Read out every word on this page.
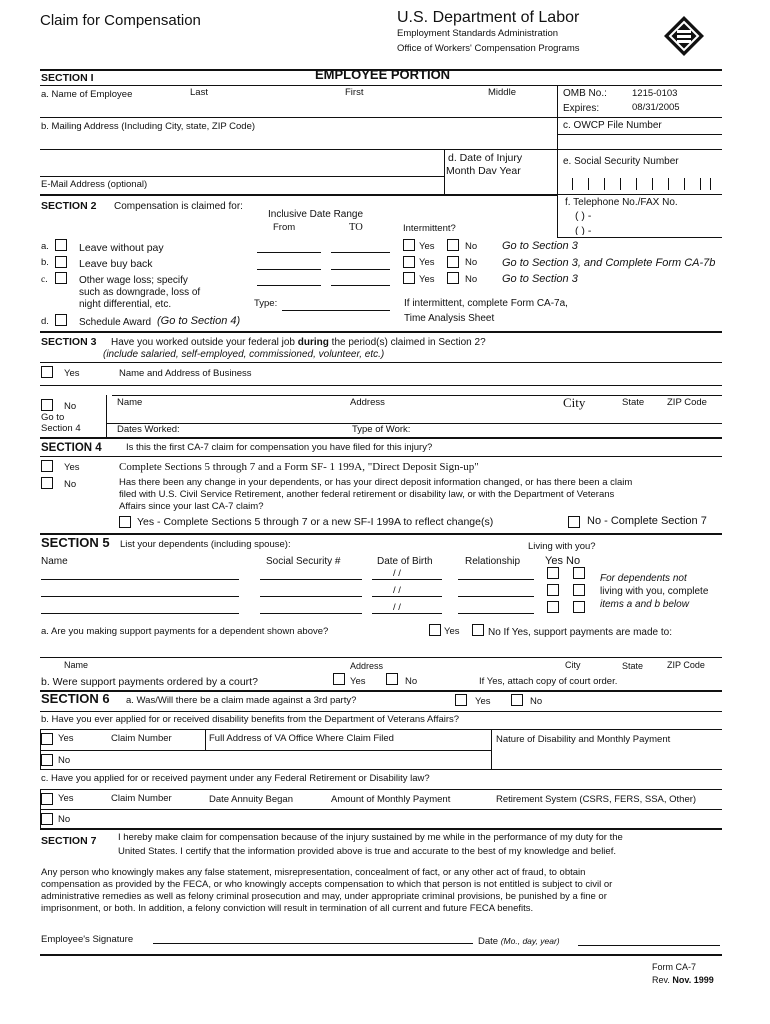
Claim for Compensation	U.S. Department of Labor
Employment Standards Administration
Office of Workers' Compensation Programs
SECTION I	EMPLOYEE PORTION
a. Name of Employee	Last	First	Middle	OMB No.:	1215-0103
Expires:	08/31/2005
b. Mailing Address (Including City, state, ZIP Code)	c. OWCP File Number
d. Date of Injury
Month Dav Year
e. Social Security Number
E-Mail Address (optional)
f. Telephone No./FAX No.
( ) -
( ) -
SECTION 2 Compensation is claimed for:
Inclusive Date Range
From	TO	Intermittent?
a.	Leave without pay	Yes	No Go to Section 3
b.	Leave buy back	Yes	No Go to Section 3, and Complete Form CA-7b
c.	Other wage loss; specify
such as downgrade, loss of
night differential, etc.
Yes	No Go to Section 3
Type:	If intermittent, complete Form CA-7a,
Time Analysis Sheet
d.	Schedule Award (Go to Section 4)
SECTION 3 Have you worked outside your federal job during the period(s) claimed in Section 2?
(include salaried, self-employed, commissioned, volunteer, etc.)
Yes	Name and Address of Business
No
Go to
Section 4
Name	Address	City	State ZIP Code
Dates Worked:	Type of Work:
SECTION 4	Is this the first CA-7 claim for compensation you have filed for this injury?
Yes	Complete Sections 5 through 7 and a Form SF- 1 199A, "Direct Deposit Sign-up"
No	Has there been any change in your dependents, or has your direct deposit information changed, or has there been a claim
filed with U.S. Civil Service Retirement, another federal retirement or disability law, or with the Department of Veterans
Affairs since your last CA-7 claim?
Yes - Complete Sections 5 through 7 or a new SF-I 199A to reflect change(s)	No - Complete Section 7
SECTION 5 List your dependents (including spouse):	Living with you?
Name	Social Security #	Date of Birth	Relationship Yes No
/ /
/ /
/ /
For dependents not
living with you, complete
items a and b below
a. Are you making support payments for a dependent shown above?	Yes	No If Yes, support payments are made to:
Name	Address	City	State	ZIP Code
b. Were support payments ordered by a court?	Yes	No	If Yes, attach copy of court order.
SECTION 6 a. Was/Will there be a claim made against a 3rd party?	Yes	No
b. Have you ever applied for or received disability benefits from the Department of Veterans Affairs?
Yes	Claim Number	Full Address of VA Office Where Claim Filed	Nature of Disability and Monthly Payment
No
c. Have you applied for or received payment under any Federal Retirement or Disability law?
Yes	Claim Number	Date Annuity Began	Amount of Monthly Payment	Retirement System (CSRS, FERS, SSA, Other)
No
SECTION 7 I hereby make claim for compensation because of the injury sustained by me while in the performance of my duty for the
United States. I certify that the information provided above is true and accurate to the best of my knowledge and belief.
Any person who knowingly makes any false statement, misrepresentation, concealment of fact, or any other act of fraud, to obtain
compensation as provided by the FECA, or who knowingly accepts compensation to which that person is not entitled is subject to civil or
administrative remedies as well as felony criminal prosecution and may, under appropriate criminal provisions, be punished by a fine or
imprisonment, or both. In addition, a felony conviction will result in termination of all current and future FECA benefits.
Employee's Signature	Date (Mo., day, year)
Form CA-7
Rev. Nov. 1999
